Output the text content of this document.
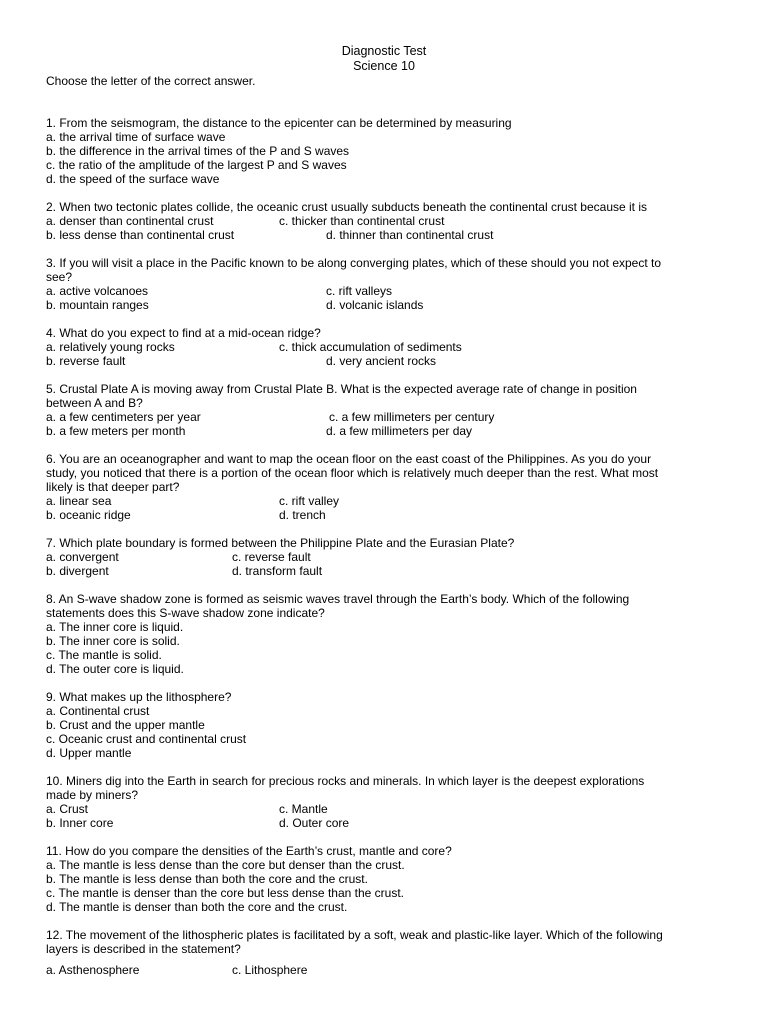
Diagnostic Test
Science 10
Choose the letter of the correct answer.
1. From the seismogram, the distance to the epicenter can be determined by measuring
a. the arrival time of surface wave
b. the difference in the arrival times of the P and S waves
c. the ratio of the amplitude of the largest P and S waves
d. the speed of the surface wave
2. When two tectonic plates collide, the oceanic crust usually subducts beneath the continental crust because it is
a. denser than continental crust	c. thicker than continental crust
b. less dense than continental crust	d. thinner than continental crust
3. If you will visit a place in the Pacific known to be along converging plates, which of these should you not expect to
see?
a. active volcanoes	c. rift valleys
b. mountain ranges	d. volcanic islands
4. What do you expect to find at a mid-ocean ridge?
a. relatively young rocks	c. thick accumulation of sediments
b. reverse fault	d. very ancient rocks
5. Crustal Plate A is moving away from Crustal Plate B. What is the expected average rate of change in position
between A and B?
a. a few centimeters per year	c. a few millimeters per century
b. a few meters per month	d. a few millimeters per day
6. You are an oceanographer and want to map the ocean floor on the east coast of the Philippines. As you do your
study, you noticed that there is a portion of the ocean floor which is relatively much deeper than the rest. What most
likely is that deeper part?
a. linear sea	c. rift valley
b. oceanic ridge	d. trench
7. Which plate boundary is formed between the Philippine Plate and the Eurasian Plate?
a. convergent	c. reverse fault
b. divergent	d. transform fault
8. An S-wave shadow zone is formed as seismic waves travel through the Earth’s body. Which of the following
statements does this S-wave shadow zone indicate?
a. The inner core is liquid.
b. The inner core is solid.
c. The mantle is solid.
d. The outer core is liquid.
9. What makes up the lithosphere?
a. Continental crust
b. Crust and the upper mantle
c. Oceanic crust and continental crust
d. Upper mantle
10. Miners dig into the Earth in search for precious rocks and minerals. In which layer is the deepest explorations
made by miners?
a. Crust	c. Mantle
b. Inner core	d. Outer core
11. How do you compare the densities of the Earth’s crust, mantle and core?
a. The mantle is less dense than the core but denser than the crust.
b. The mantle is less dense than both the core and the crust.
c. The mantle is denser than the core but less dense than the crust.
d. The mantle is denser than both the core and the crust.
12. The movement of the lithospheric plates is facilitated by a soft, weak and plastic-like layer. Which of the following
layers is described in the statement?
a. Asthenosphere	c. Lithosphere
